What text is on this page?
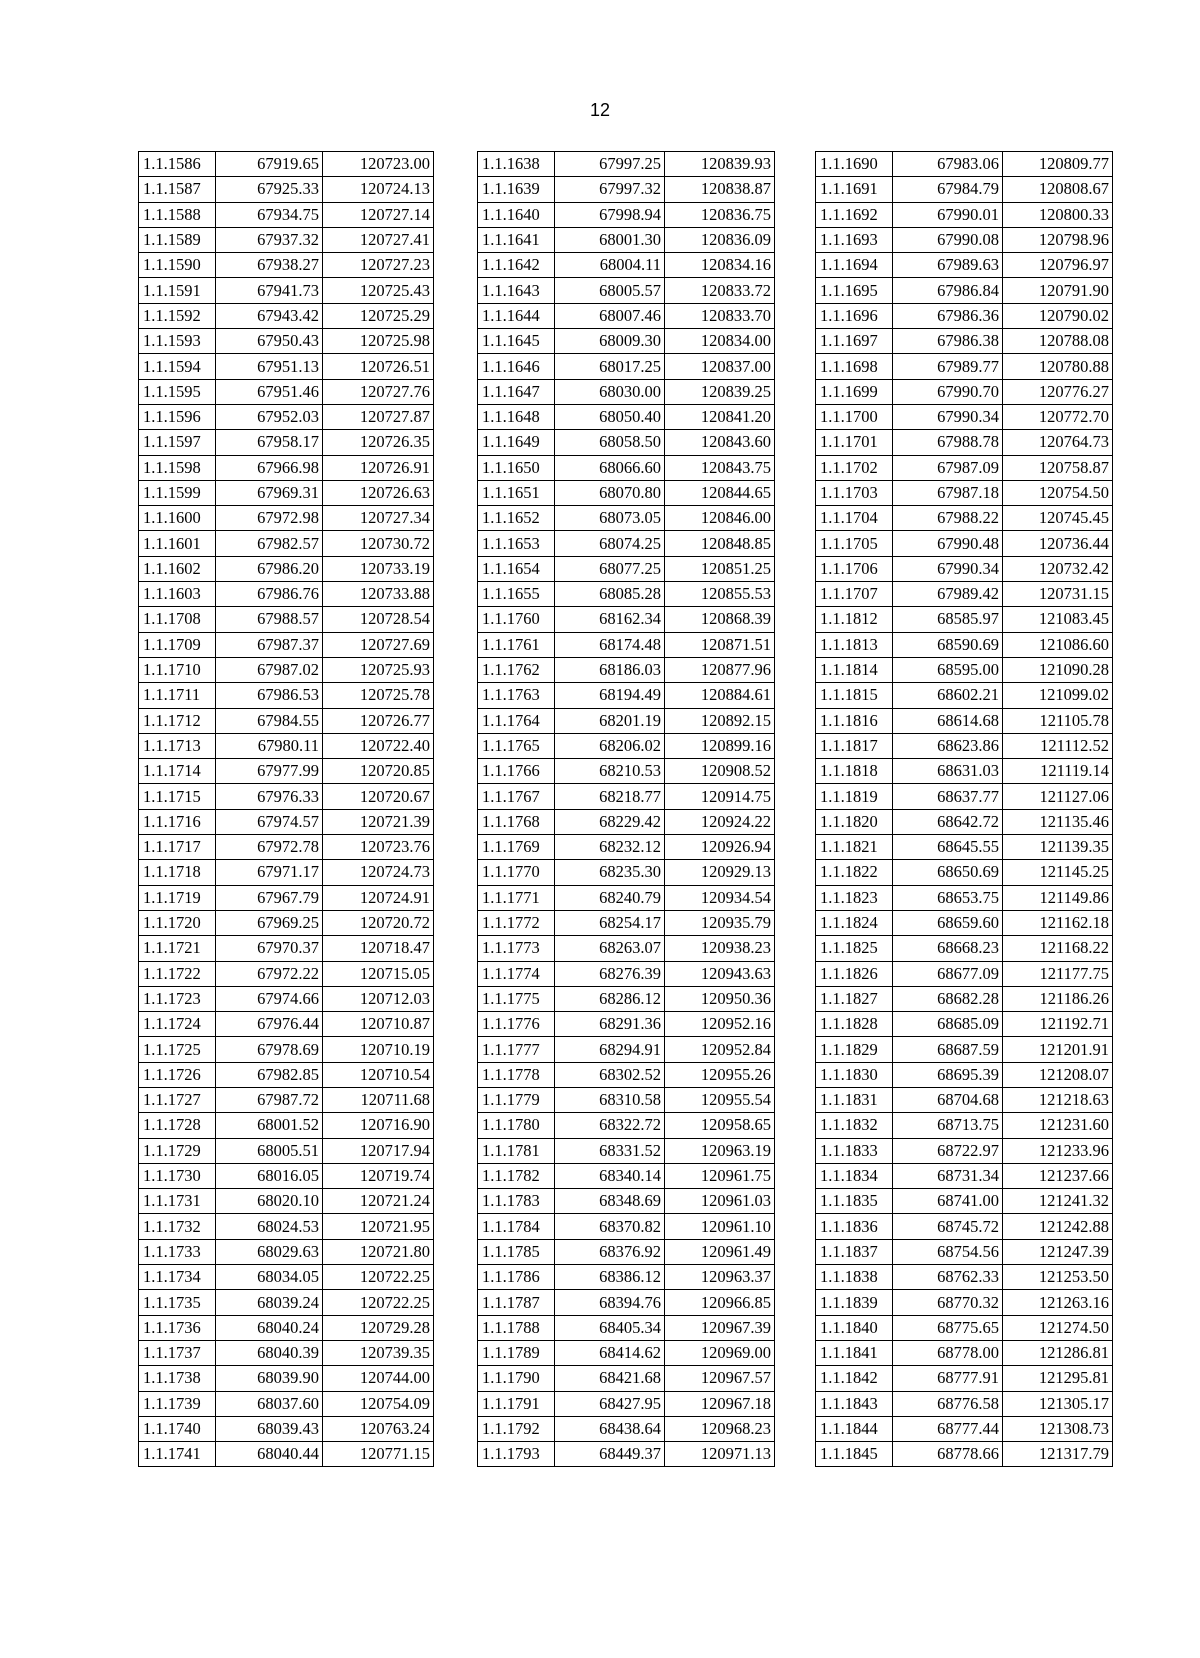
12
1.1.1586	67919.65	120723.00
1.1.1587	67925.33	120724.13
1.1.1588	67934.75	120727.14
1.1.1589	67937.32	120727.41
1.1.1590	67938.27	120727.23
1.1.1591	67941.73	120725.43
1.1.1592	67943.42	120725.29
1.1.1593	67950.43	120725.98
1.1.1594	67951.13	120726.51
1.1.1595	67951.46	120727.76
1.1.1596	67952.03	120727.87
1.1.1597	67958.17	120726.35
1.1.1598	67966.98	120726.91
1.1.1599	67969.31	120726.63
1.1.1600	67972.98	120727.34
1.1.1601	67982.57	120730.72
1.1.1602	67986.20	120733.19
1.1.1603	67986.76	120733.88
1.1.1708	67988.57	120728.54
1.1.1709	67987.37	120727.69
1.1.1710	67987.02	120725.93
1.1.1711	67986.53	120725.78
1.1.1712	67984.55	120726.77
1.1.1713	67980.11	120722.40
1.1.1714	67977.99	120720.85
1.1.1715	67976.33	120720.67
1.1.1716	67974.57	120721.39
1.1.1717	67972.78	120723.76
1.1.1718	67971.17	120724.73
1.1.1719	67967.79	120724.91
1.1.1720	67969.25	120720.72
1.1.1721	67970.37	120718.47
1.1.1722	67972.22	120715.05
1.1.1723	67974.66	120712.03
1.1.1724	67976.44	120710.87
1.1.1725	67978.69	120710.19
1.1.1726	67982.85	120710.54
1.1.1727	67987.72	120711.68
1.1.1728	68001.52	120716.90
1.1.1729	68005.51	120717.94
1.1.1730	68016.05	120719.74
1.1.1731	68020.10	120721.24
1.1.1732	68024.53	120721.95
1.1.1733	68029.63	120721.80
1.1.1734	68034.05	120722.25
1.1.1735	68039.24	120722.25
1.1.1736	68040.24	120729.28
1.1.1737	68040.39	120739.35
1.1.1738	68039.90	120744.00
1.1.1739	68037.60	120754.09
1.1.1740	68039.43	120763.24
1.1.1741	68040.44	120771.15
1.1.1638	67997.25	120839.93
1.1.1639	67997.32	120838.87
1.1.1640	67998.94	120836.75
1.1.1641	68001.30	120836.09
1.1.1642	68004.11	120834.16
1.1.1643	68005.57	120833.72
1.1.1644	68007.46	120833.70
1.1.1645	68009.30	120834.00
1.1.1646	68017.25	120837.00
1.1.1647	68030.00	120839.25
1.1.1648	68050.40	120841.20
1.1.1649	68058.50	120843.60
1.1.1650	68066.60	120843.75
1.1.1651	68070.80	120844.65
1.1.1652	68073.05	120846.00
1.1.1653	68074.25	120848.85
1.1.1654	68077.25	120851.25
1.1.1655	68085.28	120855.53
1.1.1760	68162.34	120868.39
1.1.1761	68174.48	120871.51
1.1.1762	68186.03	120877.96
1.1.1763	68194.49	120884.61
1.1.1764	68201.19	120892.15
1.1.1765	68206.02	120899.16
1.1.1766	68210.53	120908.52
1.1.1767	68218.77	120914.75
1.1.1768	68229.42	120924.22
1.1.1769	68232.12	120926.94
1.1.1770	68235.30	120929.13
1.1.1771	68240.79	120934.54
1.1.1772	68254.17	120935.79
1.1.1773	68263.07	120938.23
1.1.1774	68276.39	120943.63
1.1.1775	68286.12	120950.36
1.1.1776	68291.36	120952.16
1.1.1777	68294.91	120952.84
1.1.1778	68302.52	120955.26
1.1.1779	68310.58	120955.54
1.1.1780	68322.72	120958.65
1.1.1781	68331.52	120963.19
1.1.1782	68340.14	120961.75
1.1.1783	68348.69	120961.03
1.1.1784	68370.82	120961.10
1.1.1785	68376.92	120961.49
1.1.1786	68386.12	120963.37
1.1.1787	68394.76	120966.85
1.1.1788	68405.34	120967.39
1.1.1789	68414.62	120969.00
1.1.1790	68421.68	120967.57
1.1.1791	68427.95	120967.18
1.1.1792	68438.64	120968.23
1.1.1793	68449.37	120971.13
1.1.1690	67983.06	120809.77
1.1.1691	67984.79	120808.67
1.1.1692	67990.01	120800.33
1.1.1693	67990.08	120798.96
1.1.1694	67989.63	120796.97
1.1.1695	67986.84	120791.90
1.1.1696	67986.36	120790.02
1.1.1697	67986.38	120788.08
1.1.1698	67989.77	120780.88
1.1.1699	67990.70	120776.27
1.1.1700	67990.34	120772.70
1.1.1701	67988.78	120764.73
1.1.1702	67987.09	120758.87
1.1.1703	67987.18	120754.50
1.1.1704	67988.22	120745.45
1.1.1705	67990.48	120736.44
1.1.1706	67990.34	120732.42
1.1.1707	67989.42	120731.15
1.1.1812	68585.97	121083.45
1.1.1813	68590.69	121086.60
1.1.1814	68595.00	121090.28
1.1.1815	68602.21	121099.02
1.1.1816	68614.68	121105.78
1.1.1817	68623.86	121112.52
1.1.1818	68631.03	121119.14
1.1.1819	68637.77	121127.06
1.1.1820	68642.72	121135.46
1.1.1821	68645.55	121139.35
1.1.1822	68650.69	121145.25
1.1.1823	68653.75	121149.86
1.1.1824	68659.60	121162.18
1.1.1825	68668.23	121168.22
1.1.1826	68677.09	121177.75
1.1.1827	68682.28	121186.26
1.1.1828	68685.09	121192.71
1.1.1829	68687.59	121201.91
1.1.1830	68695.39	121208.07
1.1.1831	68704.68	121218.63
1.1.1832	68713.75	121231.60
1.1.1833	68722.97	121233.96
1.1.1834	68731.34	121237.66
1.1.1835	68741.00	121241.32
1.1.1836	68745.72	121242.88
1.1.1837	68754.56	121247.39
1.1.1838	68762.33	121253.50
1.1.1839	68770.32	121263.16
1.1.1840	68775.65	121274.50
1.1.1841	68778.00	121286.81
1.1.1842	68777.91	121295.81
1.1.1843	68776.58	121305.17
1.1.1844	68777.44	121308.73
1.1.1845	68778.66	121317.79
